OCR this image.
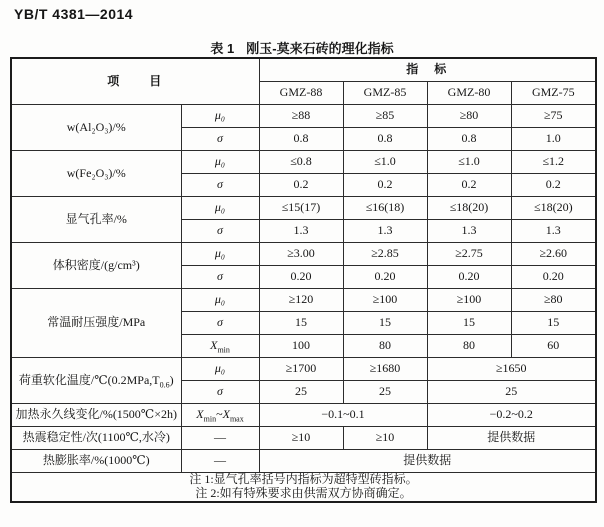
YB/T 4381—2014
表 1 刚玉-莫来石砖的理化指标
项　　目		指　标			
		GMZ-88	GMZ-85	GMZ-80	GMZ-75
w(Al₂O₃)/%	μ₀	≥88	≥85	≥80	≥75
	σ	0.8	0.8	0.8	1.0
w(Fe₂O₃)/%	μ₀	≤0.8	≤1.0	≤1.0	≤1.2
	σ	0.2	0.2	0.2	0.2
显气孔率/%	μ₀	≤15(17)	≤16(18)	≤18(20)	≤18(20)
	σ	1.3	1.3	1.3	1.3
体积密度/(g/cm³)	μ₀	≥3.00	≥2.85	≥2.75	≥2.60
	σ	0.20	0.20	0.20	0.20
常温耐压强度/MPa	μ₀	≥120	≥100	≥100	≥80
	σ	15	15	15	15
	$X_{min}$	100	80	80	60
荷重软化温度$/℃(0.2MPa,T_{0.6})$	μ₀	≥1700	≥1680	≥1650	
	σ	25	25	25	
加热永久线变化/%(1500℃×2h)	$X_{min}\sim X_{max}$	−0.1~0.1		−0.2~0.2	
热震稳定性/次(1100℃,水冷)	—	≥10	≥10	提供数据	
热膨胀率/%(1000℃)	—	提供数据			

注 1:显气孔率括号内指标为超特型砖指标。
注 2:如有特殊要求由供需双方协商确定。					
